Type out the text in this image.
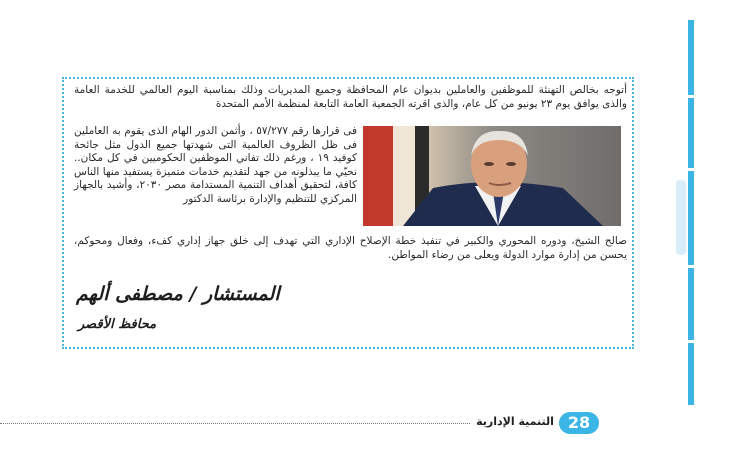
أتوجه بخالص التهنئة للموظفين والعاملين بديوان عام المحافظة وجميع المديريات وذلك بمناسبة اليوم العالمي للخدمة العامة والذى يوافق يوم ٢٣ يونيو من كل عام، والذى اقرته الجمعية العامة التابعة لمنظمة الأمم المتحدة
فى قرارها رقم ٥٧/٢٧٧ ، وأثمن الدور الهام الذى يقوم به العاملين فى ظل الظروف العالمية التى شهدتها جميع الدول مثل جائحة كوفيد ١٩ ، ورغم ذلك تفاني الموظفين الحكوميين في كل مكان.. نحيّي ما يبذلونه من جهد لتقديم خدمات متميزة يستفيد منها الناس كافة، لتحقيق أهداف التنمية المستدامة مصر ٢٠٣٠، وأشيد بالجهاز المركزي للتنظيم والإدارة برئاسة الدكتور
صالح الشيخ، ودوره المحوري والكبير في تنفيذ خطة الإصلاح الإداري التي تهدف إلى خلق جهاز إداري كفء، وفعال ومحوكم، يحسن من إدارة موارد الدولة ويعلى من رضاء المواطن.
المستشار / مصطفى ألهم
محافظ الأقصر
التنمية الإدارية 28
